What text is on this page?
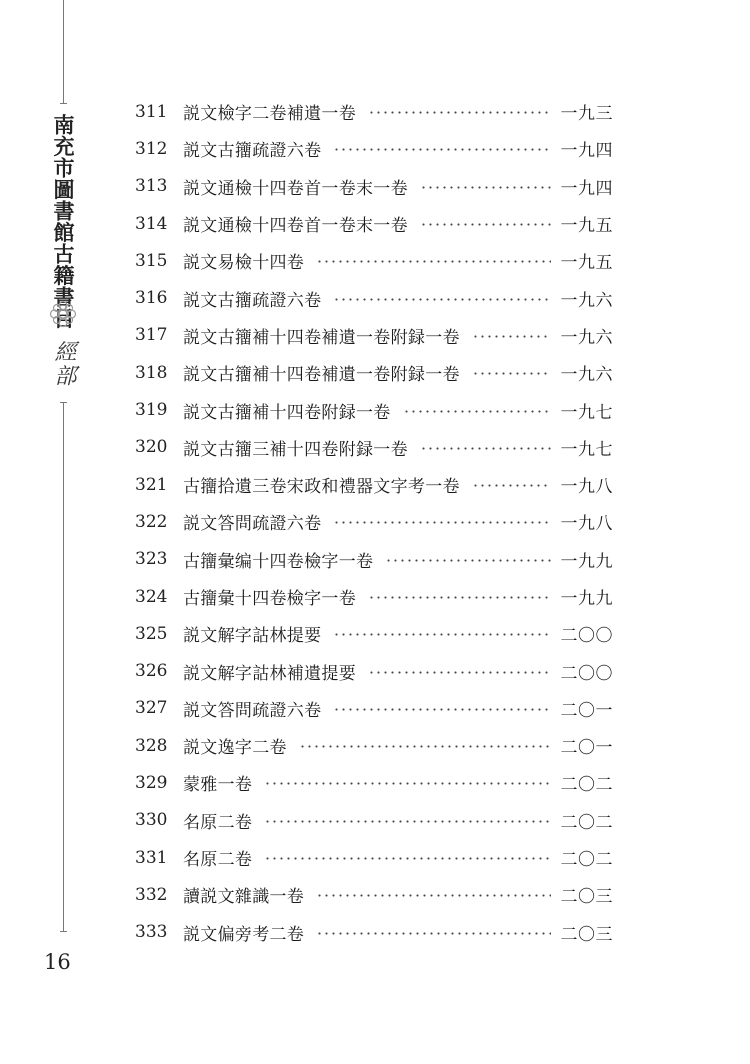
南充市圖書館古籍書目
經部
16
311 説文檢字二卷補遺一卷	一九三
312 説文古籒疏證六卷	一九四
313 説文通檢十四卷首一卷末一卷	一九四
314 説文通檢十四卷首一卷末一卷	一九五
315 説文易檢十四卷	一九五
316 説文古籒疏證六卷	一九六
317 説文古籒補十四卷補遺一卷附録一卷	一九六
318 説文古籒補十四卷補遺一卷附録一卷	一九六
319 説文古籒補十四卷附録一卷	一九七
320 説文古籒三補十四卷附録一卷	一九七
321 古籒拾遺三卷宋政和禮器文字考一卷	一九八
322 説文答問疏證六卷	一九八
323 古籒彙编十四卷檢字一卷	一九九
324 古籒彙十四卷檢字一卷	一九九
325 説文解字詁林提要	二〇〇
326 説文解字詁林補遺提要	二〇〇
327 説文答問疏證六卷	二〇一
328 説文逸字二卷	二〇一
329 蒙雅一卷	二〇二
330 名原二卷	二〇二
331 名原二卷	二〇二
332 讀説文雜識一卷	二〇三
333 説文偏旁考二卷	二〇三
